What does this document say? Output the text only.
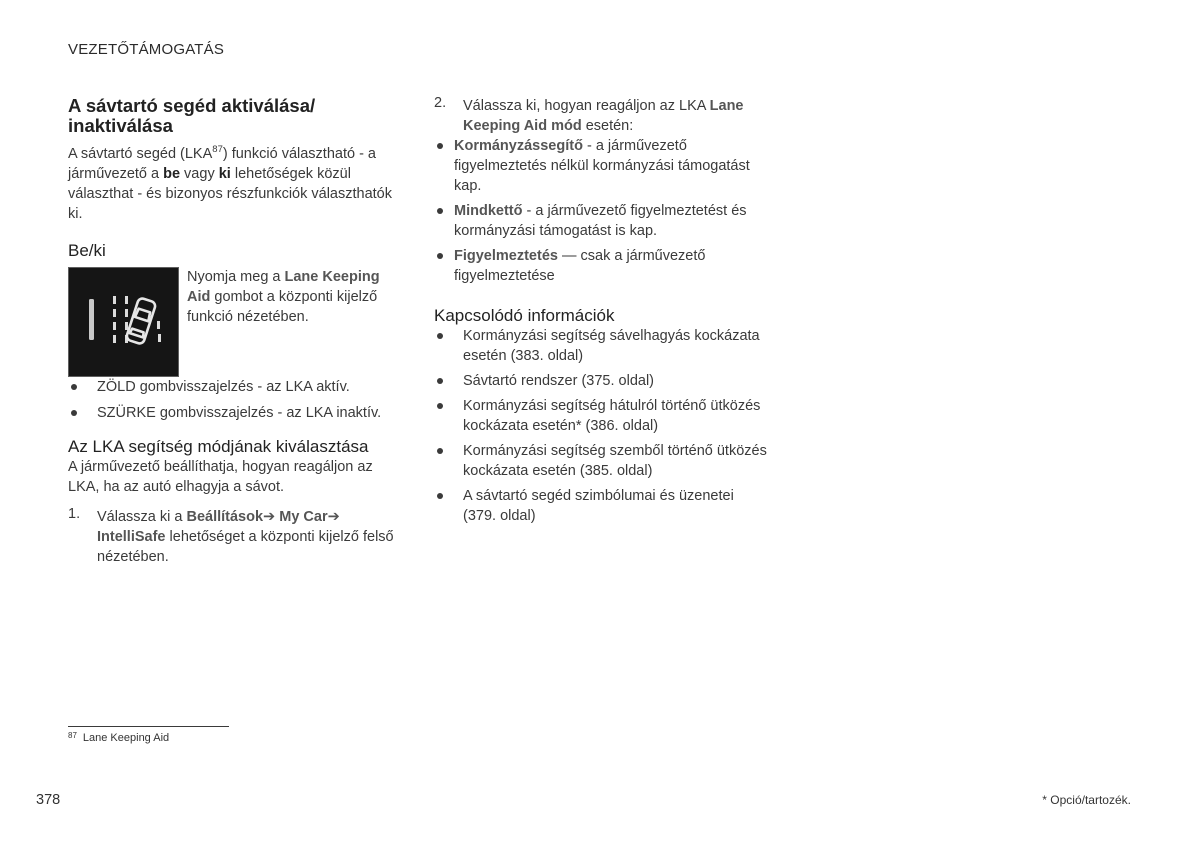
VEZETŐTÁMOGATÁS
A sávtartó segéd aktiválása/ inaktiválása

A sávtartó segéd (LKA$^{87}$) funkció választható - a járművezető a be vagy ki lehetőségek közül választhat - és bizonyos részfunkciók választhatók ki.

Be/ki

Nyomja meg a Lane Keeping Aid gombot a központi kijelző funkció nézetében.

ZÖLD gombvisszajelzés - az LKA aktív.
SZÜRKE gombvisszajelzés - az LKA inaktív.
Az LKA segítség módjának kiválasztása

A járművezető beállíthatja, hogyan reagáljon az LKA, ha az autó elhagyja a sávot.

1. Válassza ki a Beállítások➔ My Car➔ IntelliSafe lehetőséget a központi kijelző felső nézetében.
2. Válassza ki, hogyan reagáljon az LKA Lane Keeping Aid mód esetén:
Kormányzássegítő - a járművezető figyelmeztetés nélkül kormányzási támogatást kap.
Mindkettő - a járművezető figyelmeztetést és kormányzási támogatást is kap.
Figyelmeztetés — csak a járművezető figyelmeztetése
Kapcsolódó információk
Kormányzási segítség sávelhagyás kockázata esetén (383. oldal)
Sávtartó rendszer (375. oldal)
Kormányzási segítség hátulról történő ütközés kockázata esetén* (386. oldal)
Kormányzási segítség szemből történő ütközés kockázata esetén (385. oldal)
A sávtartó segéd szimbólumai és üzenetei (379. oldal)
$^{87}$ Lane Keeping Aid
378	* Opció/tartozék.
